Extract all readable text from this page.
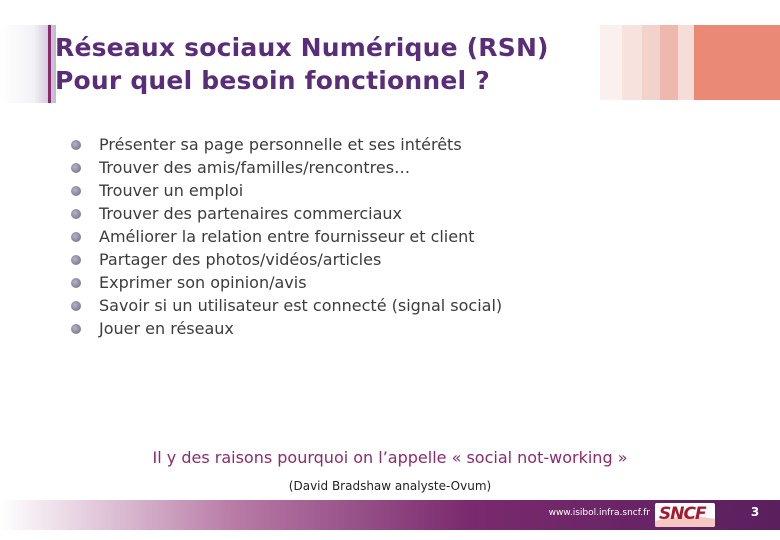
Réseaux sociaux Numérique (RSN)
Pour quel besoin fonctionnel ?
Présenter sa page personnelle et ses intérêts
Trouver des amis/familles/rencontres…
Trouver un emploi
Trouver des partenaires commerciaux
Améliorer la relation entre fournisseur et client
Partager des photos/vidéos/articles
Exprimer son opinion/avis
Savoir si un utilisateur est connecté (signal social)
Jouer en réseaux
Il y des raisons pourquoi on l’appelle « social not-working »
(David Bradshaw analyste-Ovum)
www.isibol.infra.sncf.fr SNCF	3
